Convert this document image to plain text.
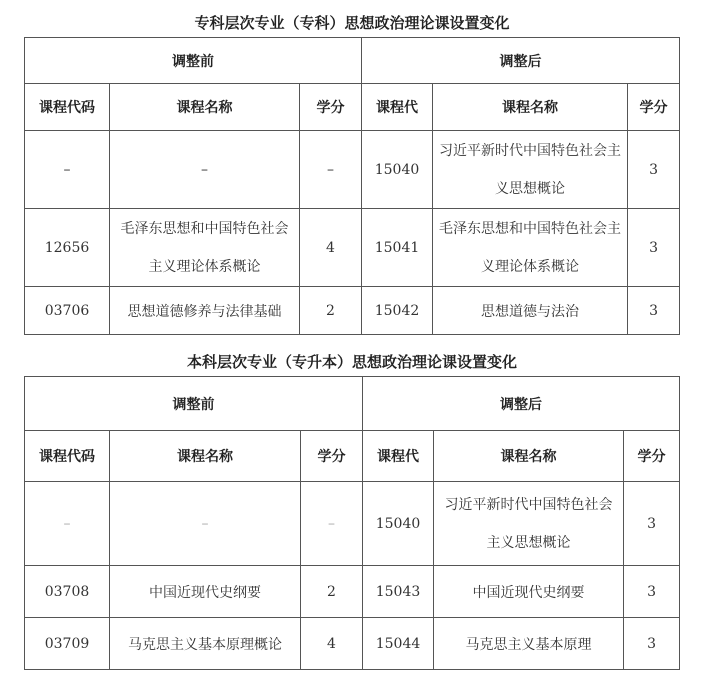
专科层次专业（专科）思想政治理论课设置变化
调整前			调整后		
课程代码	课程名称	学分	课程代	课程名称	学分
–	–	–	15040	习近平新时代中国特色社会主义思想概论	3
12656	毛泽东思想和中国特色社会主义理论体系概论	4	15041	毛泽东思想和中国特色社会主义理论体系概论	3
03706	思想道德修养与法律基础	2	15042	思想道德与法治	3
本科层次专业（专升本）思想政治理论课设置变化
调整前			调整后		
课程代码	课程名称	学分	课程代	课程名称	学分
–	–	–	15040	习近平新时代中国特色社会主义思想概论	3
03708	中国近现代史纲要	2	15043	中国近现代史纲要	3
03709	马克思主义基本原理概论	4	15044	马克思主义基本原理	3
